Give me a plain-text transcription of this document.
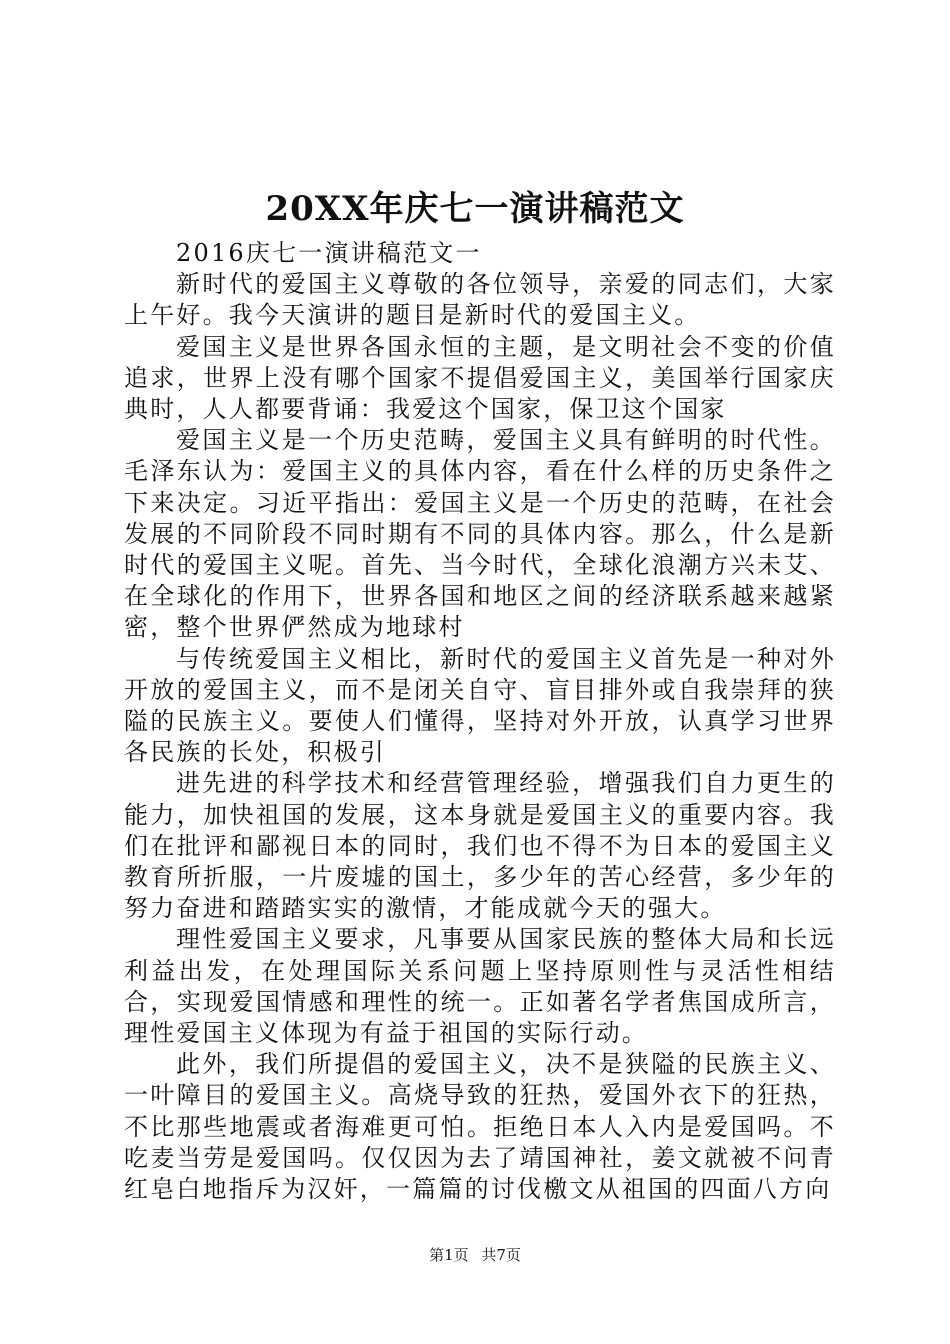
20XX年庆七一演讲稿范文

2016庆七一演讲稿范文一

新时代的爱国主义尊敬的各位领导，亲爱的同志们，大家上午好。我今天演讲的题目是新时代的爱国主义。

爱国主义是世界各国永恒的主题，是文明社会不变的价值追求，世界上没有哪个国家不提倡爱国主义，美国举行国家庆典时，人人都要背诵：我爱这个国家，保卫这个国家

爱国主义是一个历史范畴，爱国主义具有鲜明的时代性。毛泽东认为：爱国主义的具体内容，看在什么样的历史条件之下来决定。习近平指出：爱国主义是一个历史的范畴，在社会发展的不同阶段不同时期有不同的具体内容。那么，什么是新时代的爱国主义呢。首先、当今时代，全球化浪潮方兴未艾、在全球化的作用下，世界各国和地区之间的经济联系越来越紧密，整个世界俨然成为地球村

与传统爱国主义相比，新时代的爱国主义首先是一种对外开放的爱国主义，而不是闭关自守、盲目排外或自我崇拜的狭隘的民族主义。要使人们懂得，坚持对外开放，认真学习世界各民族的长处，积极引

进先进的科学技术和经营管理经验，增强我们自力更生的能力，加快祖国的发展，这本身就是爱国主义的重要内容。我们在批评和鄙视日本的同时，我们也不得不为日本的爱国主义教育所折服，一片废墟的国土，多少年的苦心经营，多少年的努力奋进和踏踏实实的激情，才能成就今天的强大。

理性爱国主义要求，凡事要从国家民族的整体大局和长远利益出发，在处理国际关系问题上坚持原则性与灵活性相结合，实现爱国情感和理性的统一。正如著名学者焦国成所言，理性爱国主义体现为有益于祖国的实际行动。

此外，我们所提倡的爱国主义，决不是狭隘的民族主义、一叶障目的爱国主义。高烧导致的狂热，爱国外衣下的狂热，不比那些地震或者海难更可怕。拒绝日本人入内是爱国吗。不吃麦当劳是爱国吗。仅仅因为去了靖国神社，姜文就被不问青红皂白地指斥为汉奸，一篇篇的讨伐檄文从祖国的四面八方向

第1页 共7页
